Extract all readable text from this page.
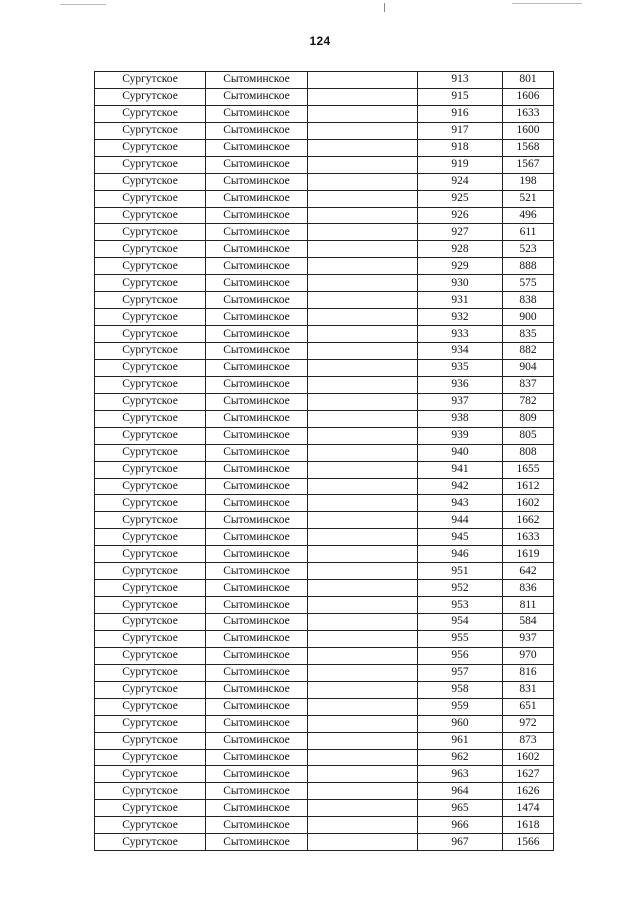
124
Сургутское	Сытоминское		913	801
Сургутское	Сытоминское		915	1606
Сургутское	Сытоминское		916	1633
Сургутское	Сытоминское		917	1600
Сургутское	Сытоминское		918	1568
Сургутское	Сытоминское		919	1567
Сургутское	Сытоминское		924	198
Сургутское	Сытоминское		925	521
Сургутское	Сытоминское		926	496
Сургутское	Сытоминское		927	611
Сургутское	Сытоминское		928	523
Сургутское	Сытоминское		929	888
Сургутское	Сытоминское		930	575
Сургутское	Сытоминское		931	838
Сургутское	Сытоминское		932	900
Сургутское	Сытоминское		933	835
Сургутское	Сытоминское		934	882
Сургутское	Сытоминское		935	904
Сургутское	Сытоминское		936	837
Сургутское	Сытоминское		937	782
Сургутское	Сытоминское		938	809
Сургутское	Сытоминское		939	805
Сургутское	Сытоминское		940	808
Сургутское	Сытоминское		941	1655
Сургутское	Сытоминское		942	1612
Сургутское	Сытоминское		943	1602
Сургутское	Сытоминское		944	1662
Сургутское	Сытоминское		945	1633
Сургутское	Сытоминское		946	1619
Сургутское	Сытоминское		951	642
Сургутское	Сытоминское		952	836
Сургутское	Сытоминское		953	811
Сургутское	Сытоминское		954	584
Сургутское	Сытоминское		955	937
Сургутское	Сытоминское		956	970
Сургутское	Сытоминское		957	816
Сургутское	Сытоминское		958	831
Сургутское	Сытоминское		959	651
Сургутское	Сытоминское		960	972
Сургутское	Сытоминское		961	873
Сургутское	Сытоминское		962	1602
Сургутское	Сытоминское		963	1627
Сургутское	Сытоминское		964	1626
Сургутское	Сытоминское		965	1474
Сургутское	Сытоминское		966	1618
Сургутское	Сытоминское		967	1566
